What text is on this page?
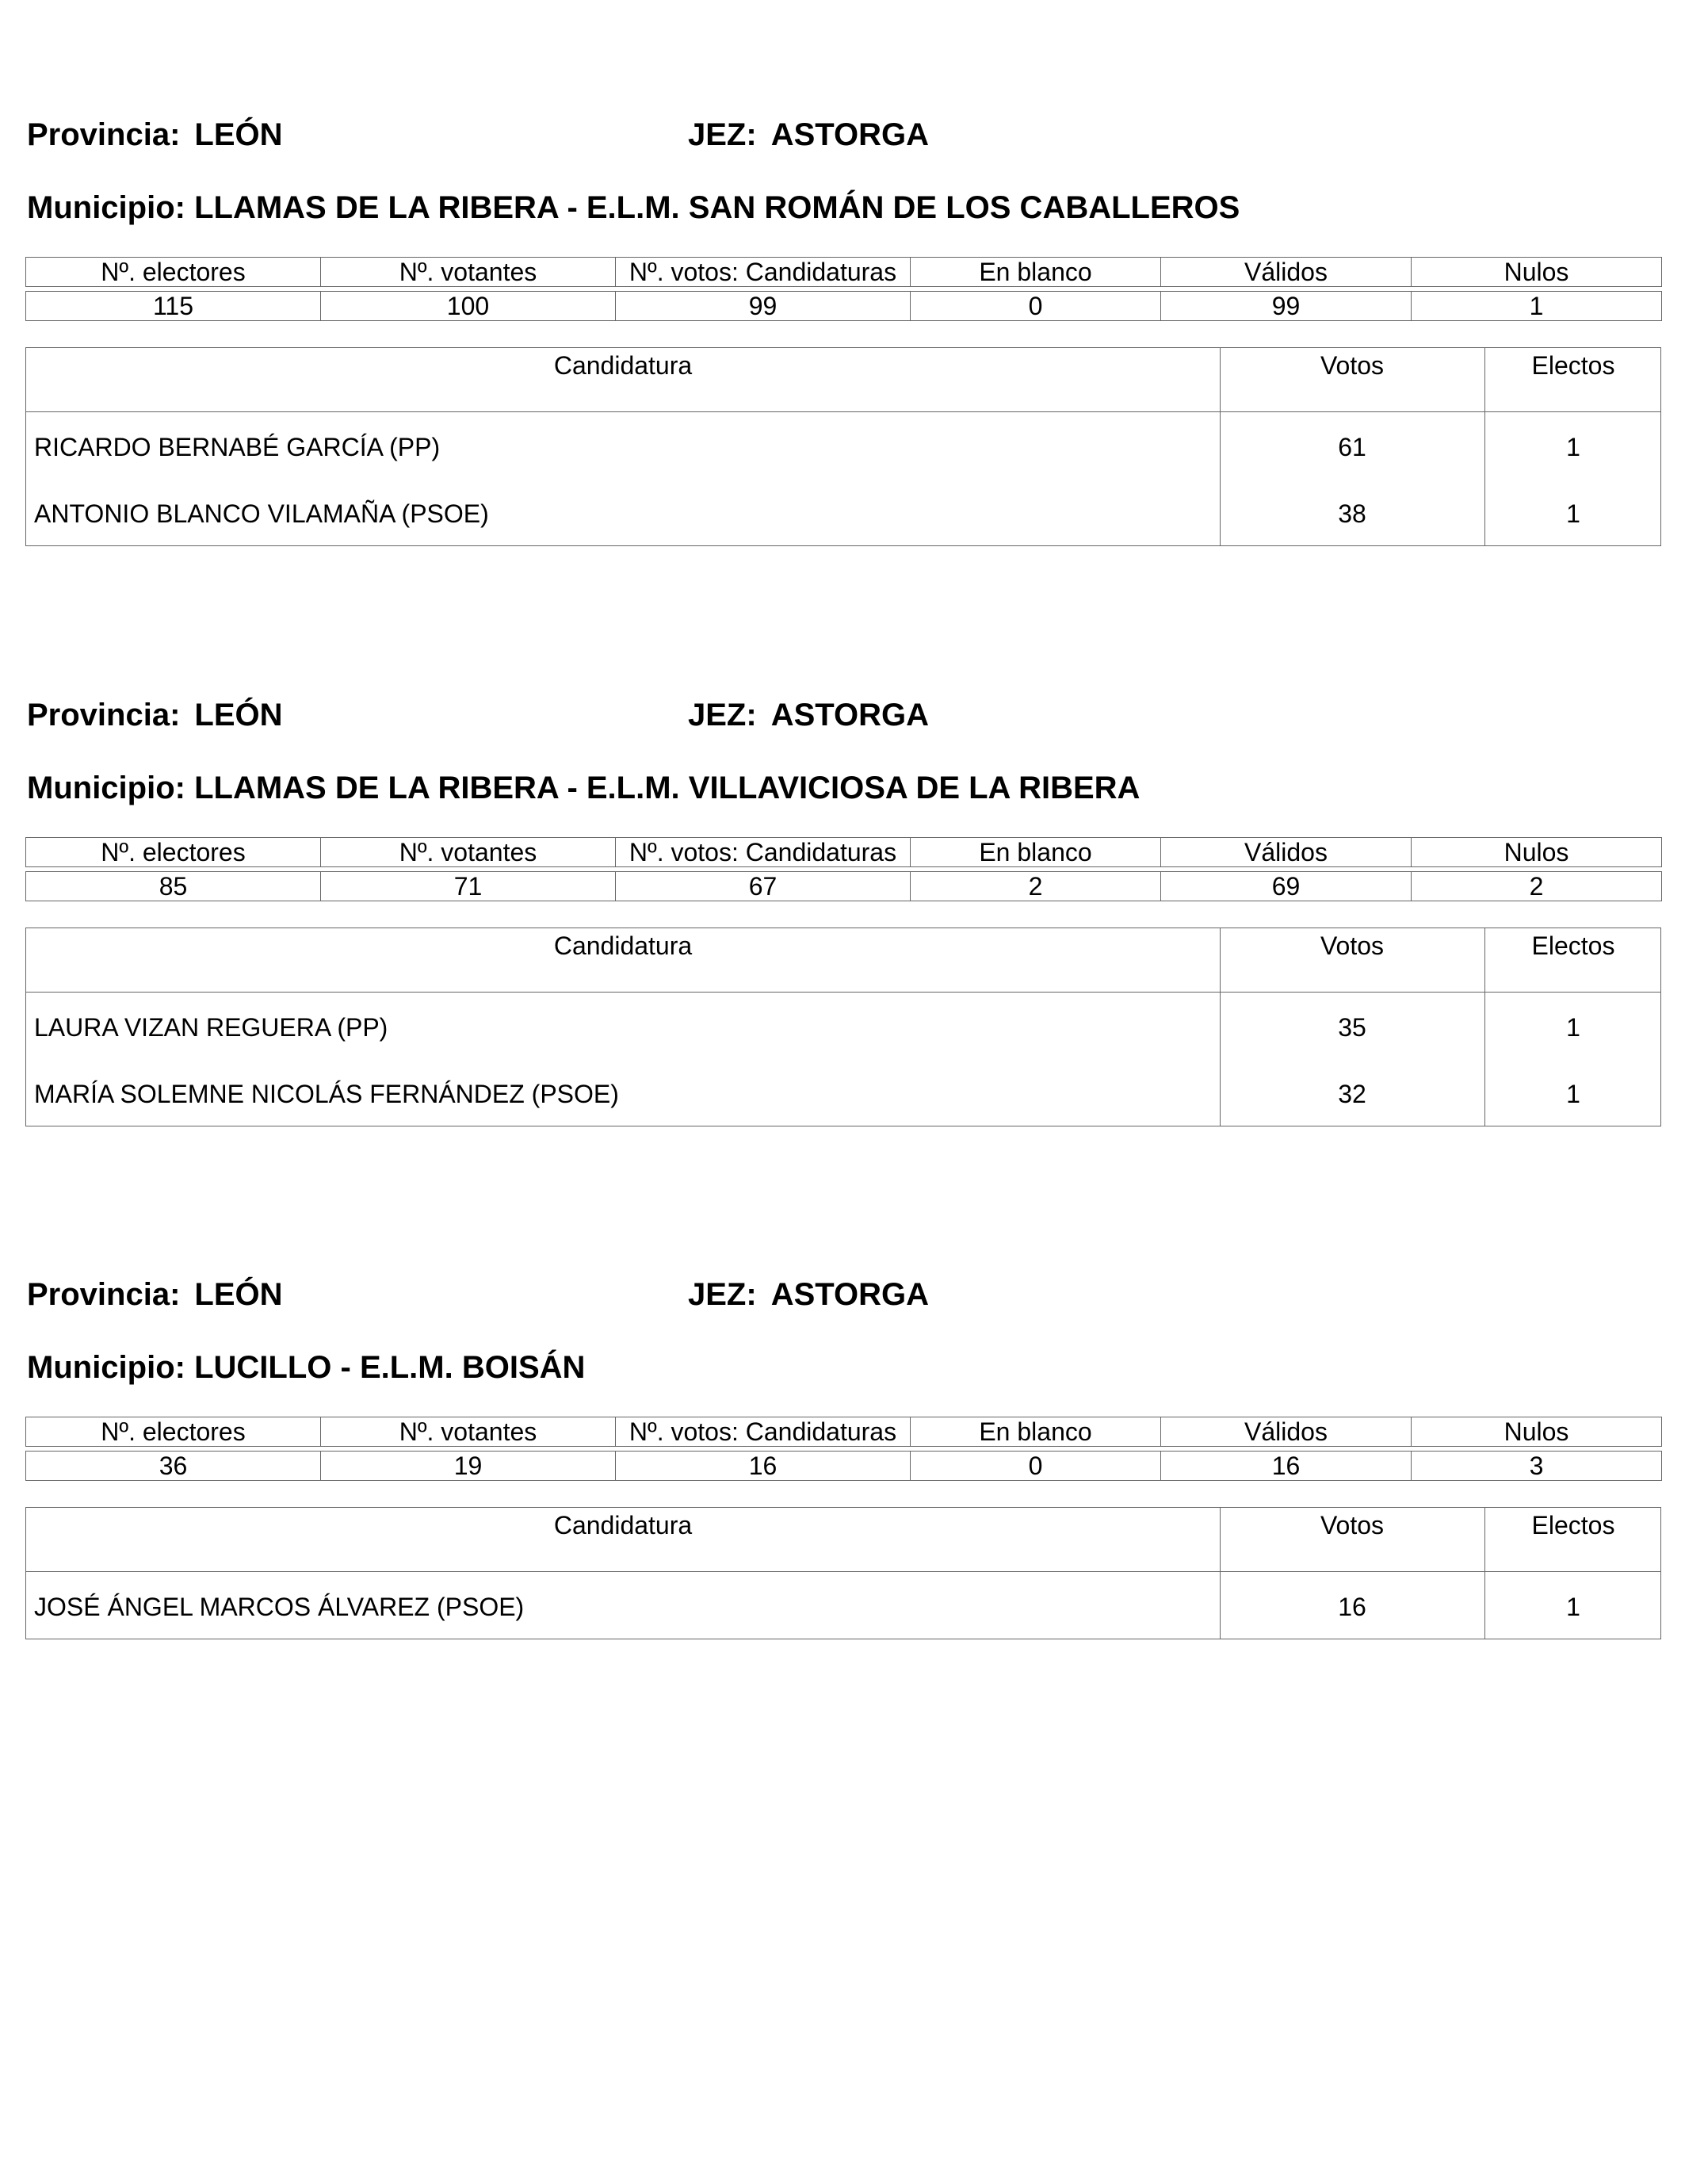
Provincia: LEÓN	JEZ: ASTORGA
Municipio: LLAMAS DE LA RIBERA - E.L.M. SAN ROMÁN DE LOS CABALLEROS
Nº. electores	Nº. votantes	Nº. votos: Candidaturas	En blanco	Válidos	Nulos

115	100	99	0	99	1
Candidatura	Votos	Electos
RICARDO BERNABÉ GARCÍA (PP)	61	1
ANTONIO BLANCO VILAMAÑA (PSOE)	38	1
Provincia: LEÓN	JEZ: ASTORGA
Municipio: LLAMAS DE LA RIBERA - E.L.M. VILLAVICIOSA DE LA RIBERA
Nº. electores	Nº. votantes	Nº. votos: Candidaturas	En blanco	Válidos	Nulos

85	71	67	2	69	2
Candidatura	Votos	Electos
LAURA VIZAN REGUERA (PP)	35	1
MARÍA SOLEMNE NICOLÁS FERNÁNDEZ (PSOE)	32	1
Provincia: LEÓN	JEZ: ASTORGA
Municipio: LUCILLO - E.L.M. BOISÁN
Nº. electores	Nº. votantes	Nº. votos: Candidaturas	En blanco	Válidos	Nulos

36	19	16	0	16	3
Candidatura	Votos	Electos
JOSÉ ÁNGEL MARCOS ÁLVAREZ (PSOE)	16	1
